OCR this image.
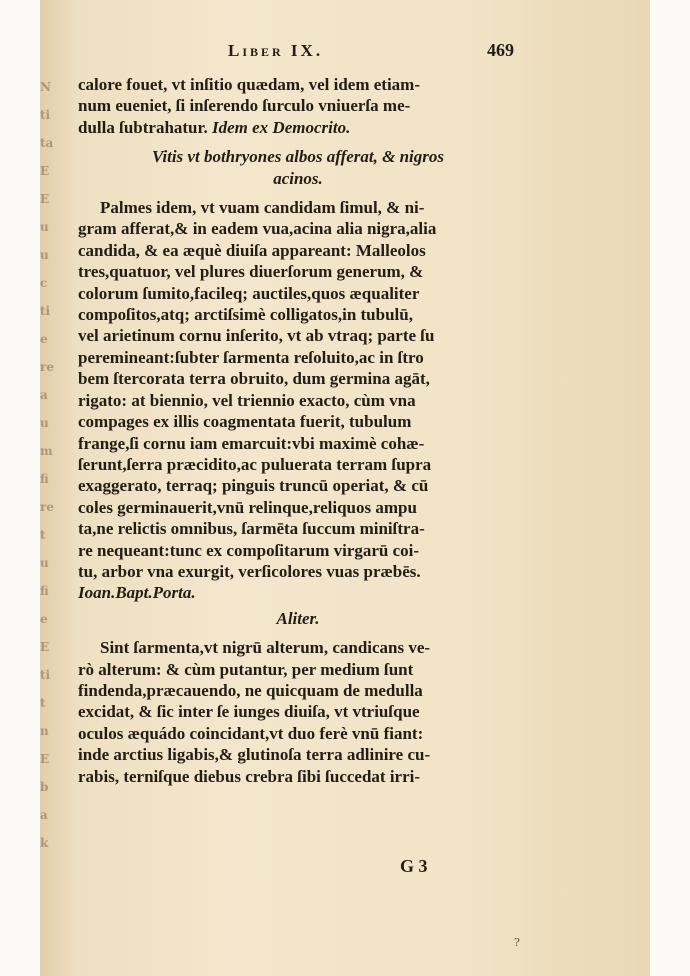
N
ti
ta
E
E
u
u
c
ti
e
re
a
u
m
fi
re
t
u
fi
e
E
ti
t
n
E
b
a
k
Liber IX.	469
calore fouet, vt inſitio quædam, vel idem etiam-
num eueniet, ſi inſerendo ſurculo vniuerſa me-
dulla ſubtrahatur. Idem ex Democrito.
Vitis vt bothryones albos afferat, & nigros
acinos.
Palmes idem, vt vuam candidam ſimul, & ni-
gram afferat,& in eadem vua,acina alia nigra,alia
candida, & ea æquè diuiſa appareant: Malleolos
tres,quatuor, vel plures diuerſorum generum, &
colorum ſumito,facileq; auctiles,quos æqualiter
compoſitos,atq; arctiſsimè colligatos,in tubulū,
vel arietinum cornu inſerito, vt ab vtraq; parte ſu
peremineant:ſubter ſarmenta reſoluito,ac in ſtro
bem ſtercorata terra obruito, dum germina agāt,
rigato: at biennio, vel triennio exacto, cùm vna
compages ex illis coagmentata fuerit, tubulum
frange,ſi cornu iam emarcuit:vbi maximè cohæ-
ſerunt,ſerra præcidito,ac puluerata terram ſupra
exaggerato, terraq; pinguis truncū operiat, & cū
coles germinauerit,vnū relinque,reliquos ampu
ta,ne relictis omnibus, ſarmēta ſuccum miniſtra-
re nequeant:tunc ex compoſitarum virgarū coi-
tu, arbor vna exurgit, verſicolores vuas præbēs.
Ioan.Bapt.Porta.
Aliter.
Sint ſarmenta,vt nigrū alterum, candicans ve-
rò alterum: & cùm putantur, per medium ſunt
findenda,præcauendo, ne quicquam de medulla
excidat, & ſic inter ſe iunges diuiſa, vt vtriuſque
oculos æquádo coincidant,vt duo ferè vnū fiant:
inde arctius ligabis,& glutinoſa terra adlinire cu-
rabis, terniſque diebus crebra ſibi ſuccedat irri-
G 3
?
